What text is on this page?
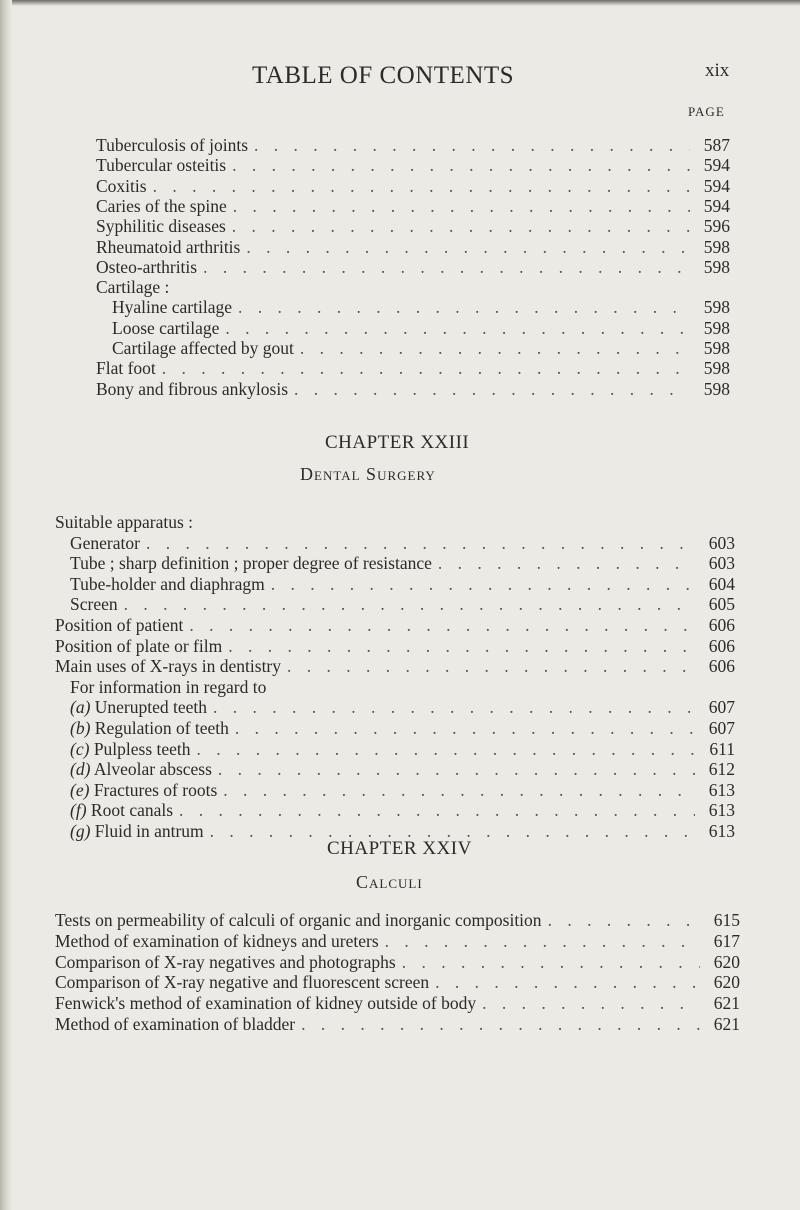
TABLE OF CONTENTS	xix
PAGE
Tuberculosis of joints . . .	587
Tubercular osteitis . . .	594
Coxitis . . .	594
Caries of the spine . . .	594
Syphilitic diseases . . .	596
Rheumatoid arthritis . . .	598
Osteo-arthritis . . .	598
Cartilage :
Hyaline cartilage . . .	598
Loose cartilage . . .	598
Cartilage affected by gout . . .	598
Flat foot . . .	598
Bony and fibrous ankylosis . . .	598
Suitable apparatus :
Generator . . .	603
Tube ; sharp definition ; proper degree of resistance . . .	603
Tube-holder and diaphragm . . .	604
Screen . . .	605
Position of patient . . .	606
Position of plate or film . . .	606
Main uses of X-rays in dentistry . . .	606
For information in regard to
(a) Unerupted teeth . . .	607
(b) Regulation of teeth . . .	607
(c) Pulpless teeth . . .	611
(d) Alveolar abscess . . .	612
(e) Fractures of roots . . .	613
(f) Root canals . . .	613
(g) Fluid in antrum . . .	613
Tests on permeability of calculi of organic and inorganic composition . . .	615
Method of examination of kidneys and ureters . . .	617
Comparison of X-ray negatives and photographs . . .	620
Comparison of X-ray negative and fluorescent screen . . .	620
Fenwick's method of examination of kidney outside of body . . .	621
Method of examination of bladder . . .	621
CHAPTER XXIII
Dental Surgery
CHAPTER XXIV
Calculi
